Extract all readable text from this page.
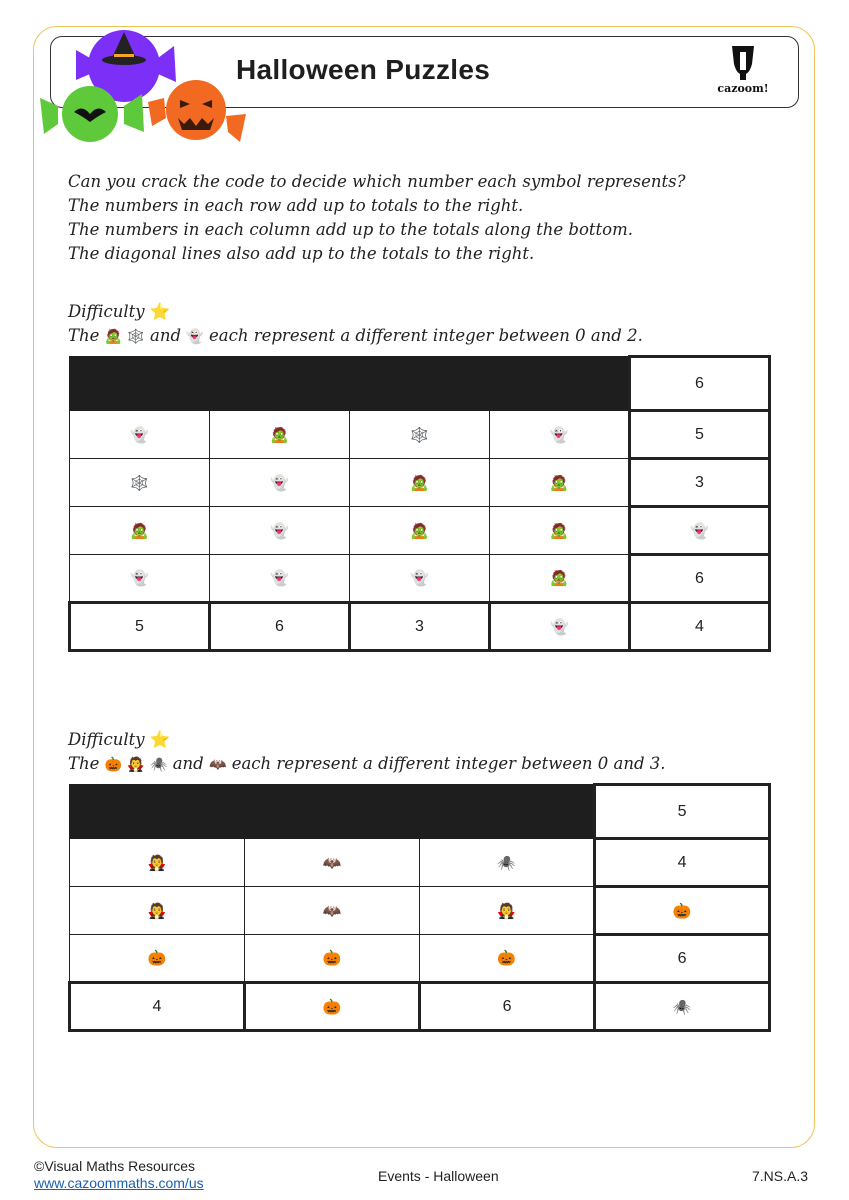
Halloween Puzzles
cazoom!
Can you crack the code to decide which number each symbol represents?
The numbers in each row add up to totals to the right.
The numbers in each column add up to the totals along the bottom.
The diagonal lines also add up to the totals to the right.
Difficulty ⭐
The 🧟 🕸️ and 👻 each represent a different integer between 0 and 2.
				6
👻	🧟	🕸️	👻	5
🕸️	👻	🧟	🧟	3
🧟	👻	🧟	🧟	👻
👻	👻	👻	🧟	6
5	6	3	👻	4
Difficulty ⭐
The 🎃 🧛 🕷️ and 🦇 each represent a different integer between 0 and 3.
			5
🧛	🦇	🕷️	4
🧛	🦇	🧛	🎃
🎃	🎃	🎃	6
4	🎃	6	🕷️
©Visual Maths Resources
www.cazoommaths.com/us	Events - Halloween	7.NS.A.3
